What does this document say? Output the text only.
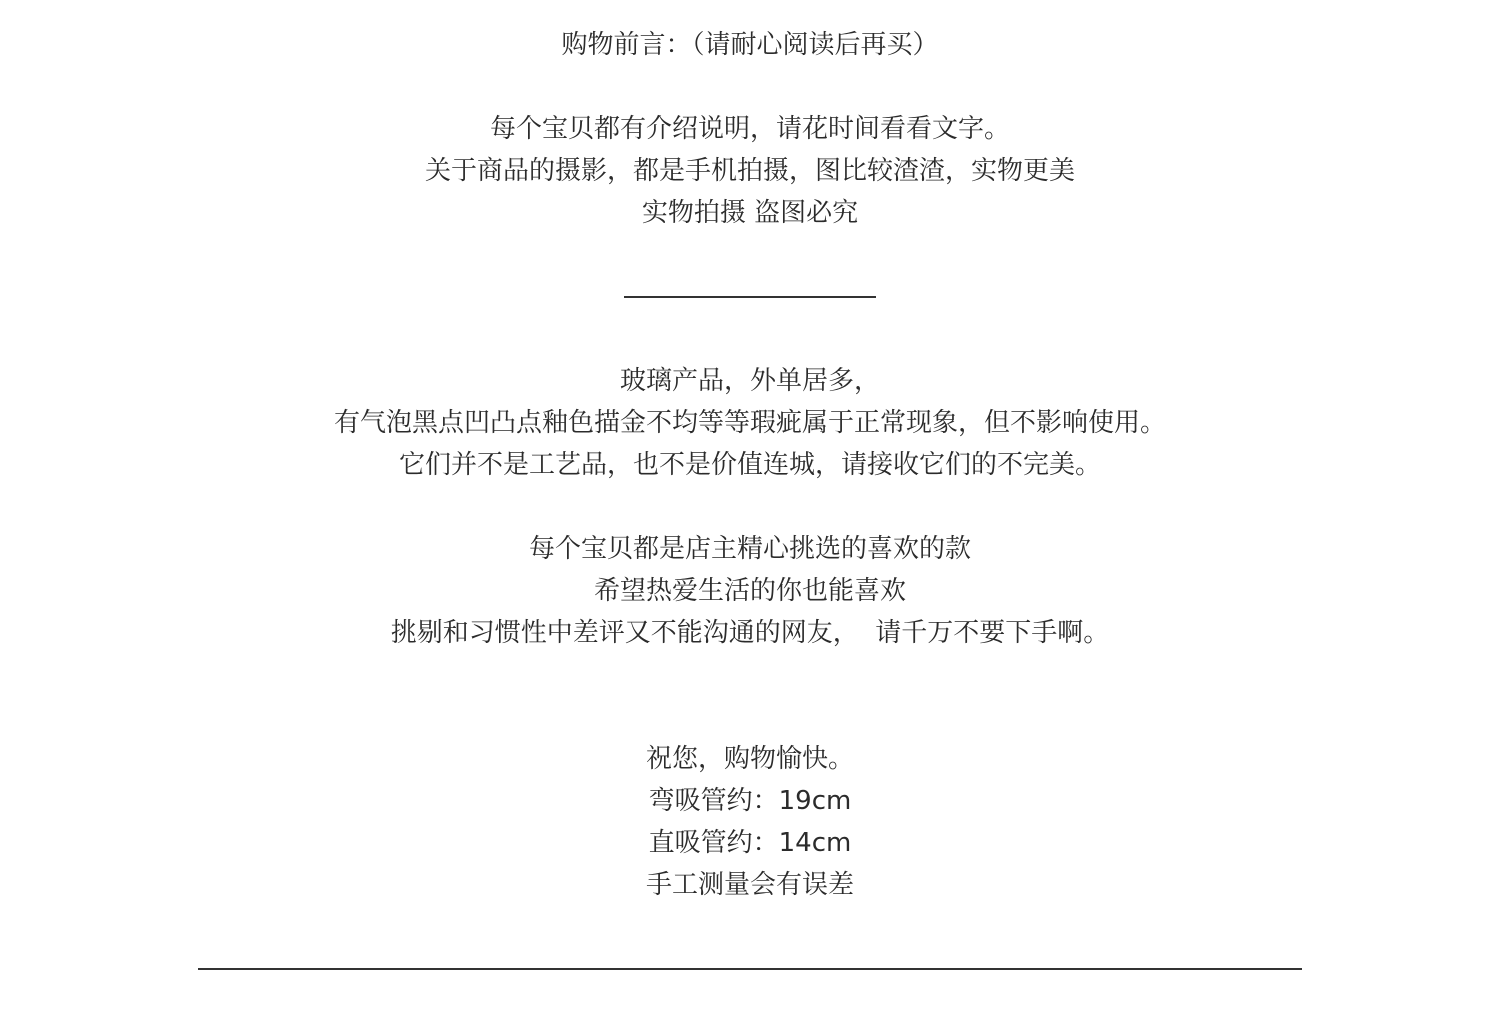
购物前言：（请耐心阅读后再买）
每个宝贝都有介绍说明，请花时间看看文字。
关于商品的摄影，都是手机拍摄，图比较渣渣，实物更美
实物拍摄 盗图必究
玻璃产品，外单居多，
有气泡黑点凹凸点釉色描金不均等等瑕疵属于正常现象，但不影响使用。
它们并不是工艺品，也不是价值连城，请接收它们的不完美。
每个宝贝都是店主精心挑选的喜欢的款
希望热爱生活的你也能喜欢
挑剔和习惯性中差评又不能沟通的网友，  请千万不要下手啊。
祝您，购物愉快。
弯吸管约：19cm
直吸管约：14cm
手工测量会有误差
